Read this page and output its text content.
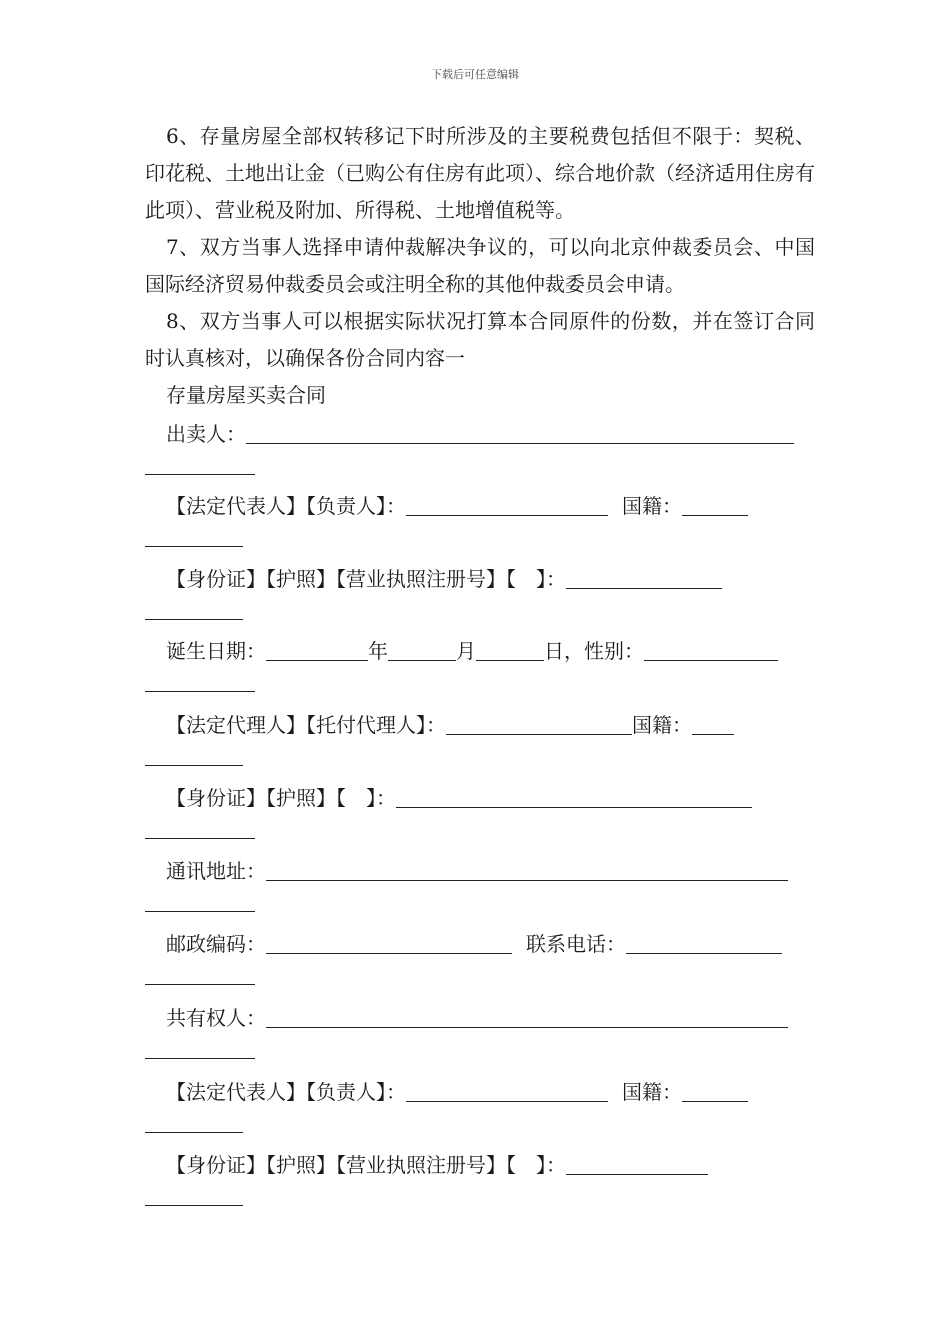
下载后可任意编辑
6、存量房屋全部权转移记下时所涉及的主要税费包括但不限于：契税、印花税、土地出让金（已购公有住房有此项）、综合地价款（经济适用住房有此项）、营业税及附加、所得税、土地增值税等。
7、双方当事人选择申请仲裁解决争议的，可以向北京仲裁委员会、中国国际经济贸易仲裁委员会或注明全称的其他仲裁委员会申请。
8、双方当事人可以根据实际状况打算本合同原件的份数，并在签订合同时认真核对，以确保各份合同内容一
存量房屋买卖合同
出卖人：
【法定代表人】【负责人】：	国籍：
【身份证】【护照】【营业执照注册号】【　】：
诞生日期：	年	月	日，性别：
【法定代理人】【托付代理人】：	国籍：
【身份证】【护照】【　】：
通讯地址：
邮政编码：	联系电话：
共有权人：
【法定代表人】【负责人】：	国籍：
【身份证】【护照】【营业执照注册号】【　】：
